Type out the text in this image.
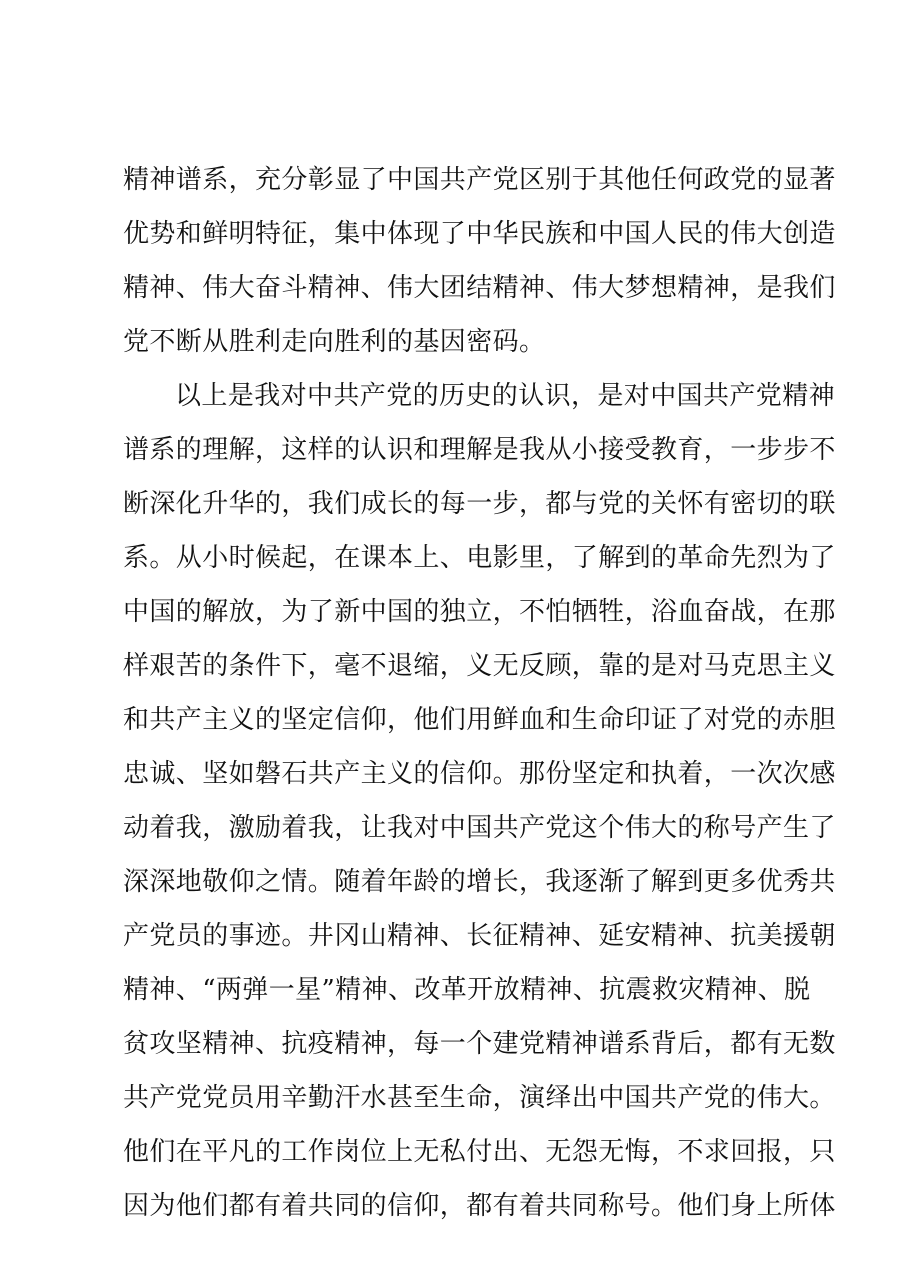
精神谱系，充分彰显了中国共产党区别于其他任何政党的显著
优势和鲜明特征，集中体现了中华民族和中国人民的伟大创造
精神、伟大奋斗精神、伟大团结精神、伟大梦想精神，是我们
党不断从胜利走向胜利的基因密码。
以上是我对中共产党的历史的认识，是对中国共产党精神
谱系的理解，这样的认识和理解是我从小接受教育，一步步不
断深化升华的，我们成长的每一步，都与党的关怀有密切的联
系。从小时候起，在课本上、电影里，了解到的革命先烈为了
中国的解放，为了新中国的独立，不怕牺牲，浴血奋战，在那
样艰苦的条件下，毫不退缩，义无反顾，靠的是对马克思主义
和共产主义的坚定信仰，他们用鲜血和生命印证了对党的赤胆
忠诚、坚如磐石共产主义的信仰。那份坚定和执着，一次次感
动着我，激励着我，让我对中国共产党这个伟大的称号产生了
深深地敬仰之情。随着年龄的增长，我逐渐了解到更多优秀共
产党员的事迹。井冈山精神、长征精神、延安精神、抗美援朝
精神、“两弹一星”精神、改革开放精神、抗震救灾精神、脱
贫攻坚精神、抗疫精神，每一个建党精神谱系背后，都有无数
共产党党员用辛勤汗水甚至生命，演绎出中国共产党的伟大。
他们在平凡的工作岗位上无私付出、无怨无悔，不求回报，只
因为他们都有着共同的信仰，都有着共同称号。他们身上所体
